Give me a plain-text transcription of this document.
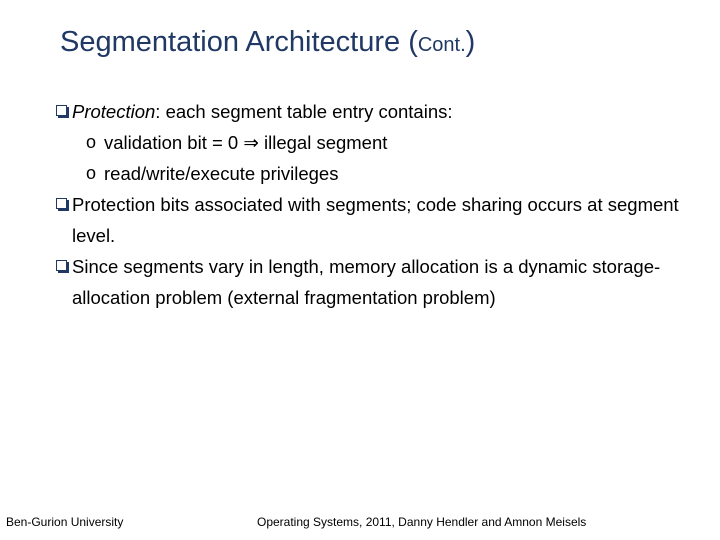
Segmentation Architecture (Cont.)
Protection: each segment table entry contains:
o validation bit = 0 ⇒ illegal segment
o read/write/execute privileges
Protection bits associated with segments; code sharing occurs at segment level.
Since segments vary in length, memory allocation is a dynamic storage-allocation problem (external fragmentation problem)
Ben-Gurion University	Operating Systems, 2011, Danny Hendler and Amnon Meisels
